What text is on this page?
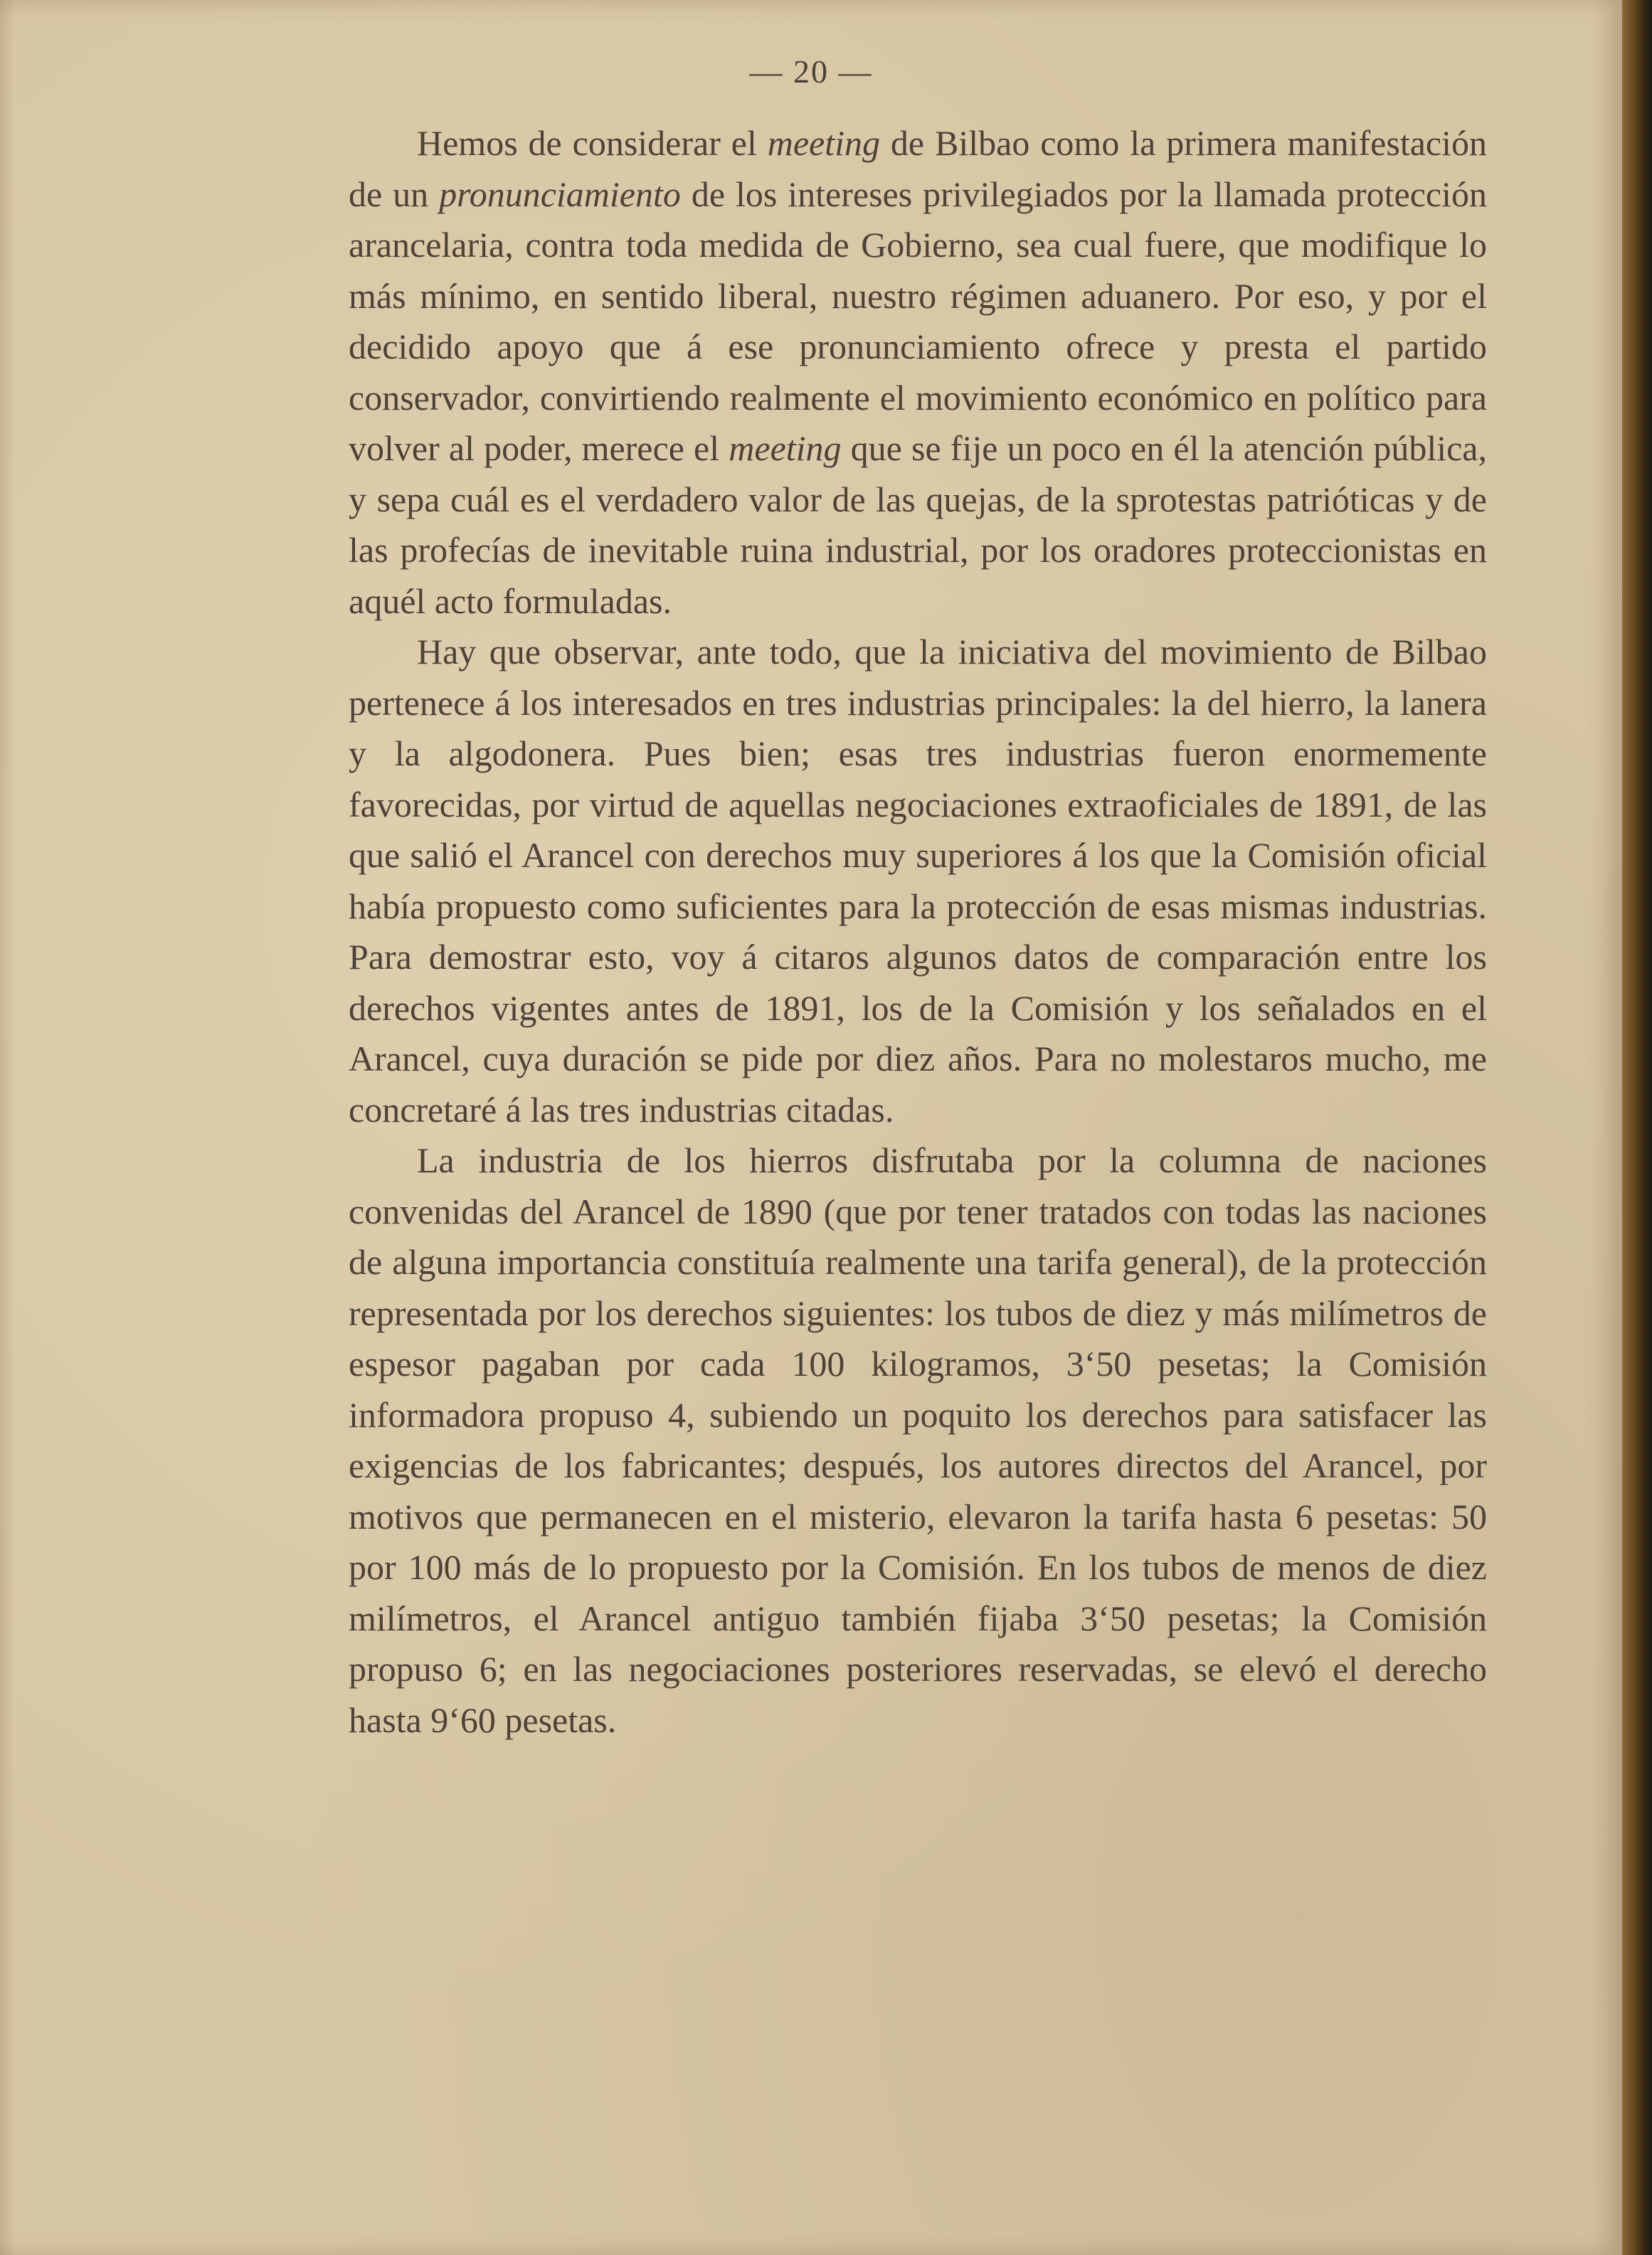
— 20 —

Hemos de considerar el meeting de Bilbao como la primera manifestación de un pronunciamiento de los intereses privilegiados por la llamada protección arancelaria, contra toda medida de Gobierno, sea cual fuere, que modifique lo más mínimo, en sentido liberal, nuestro régimen aduanero. Por eso, y por el decidido apoyo que á ese pronunciamiento ofrece y presta el partido conservador, convirtiendo realmente el movimiento económico en político para volver al poder, merece el meeting que se fije un poco en él la atención pública, y sepa cuál es el verdadero valor de las quejas, de la sprotestas patrióticas y de las profecías de inevitable ruina industrial, por los oradores proteccionistas en aquél acto formuladas.

Hay que observar, ante todo, que la iniciativa del movimiento de Bilbao pertenece á los interesados en tres industrias principales: la del hierro, la lanera y la algodonera. Pues bien; esas tres industrias fueron enormemente favorecidas, por virtud de aquellas negociaciones extraoficiales de 1891, de las que salió el Arancel con derechos muy superiores á los que la Comisión oficial había propuesto como suficientes para la protección de esas mismas industrias. Para demostrar esto, voy á citaros algunos datos de comparación entre los derechos vigentes antes de 1891, los de la Comisión y los señalados en el Arancel, cuya duración se pide por diez años. Para no molestaros mucho, me concretaré á las tres industrias citadas.

La industria de los hierros disfrutaba por la columna de naciones convenidas del Arancel de 1890 (que por tener tratados con todas las naciones de alguna importancia constituía realmente una tarifa general), de la protección representada por los derechos siguientes: los tubos de diez y más milímetros de espesor pagaban por cada 100 kilogramos, 3‘50 pesetas; la Comisión informadora propuso 4, subiendo un poquito los derechos para satisfacer las exigencias de los fabricantes; después, los autores directos del Arancel, por motivos que permanecen en el misterio, elevaron la tarifa hasta 6 pesetas: 50 por 100 más de lo propuesto por la Comisión. En los tubos de menos de diez milímetros, el Arancel antiguo también fijaba 3‘50 pesetas; la Comisión propuso 6; en las negociaciones posteriores reservadas, se elevó el derecho hasta 9‘60 pesetas.
